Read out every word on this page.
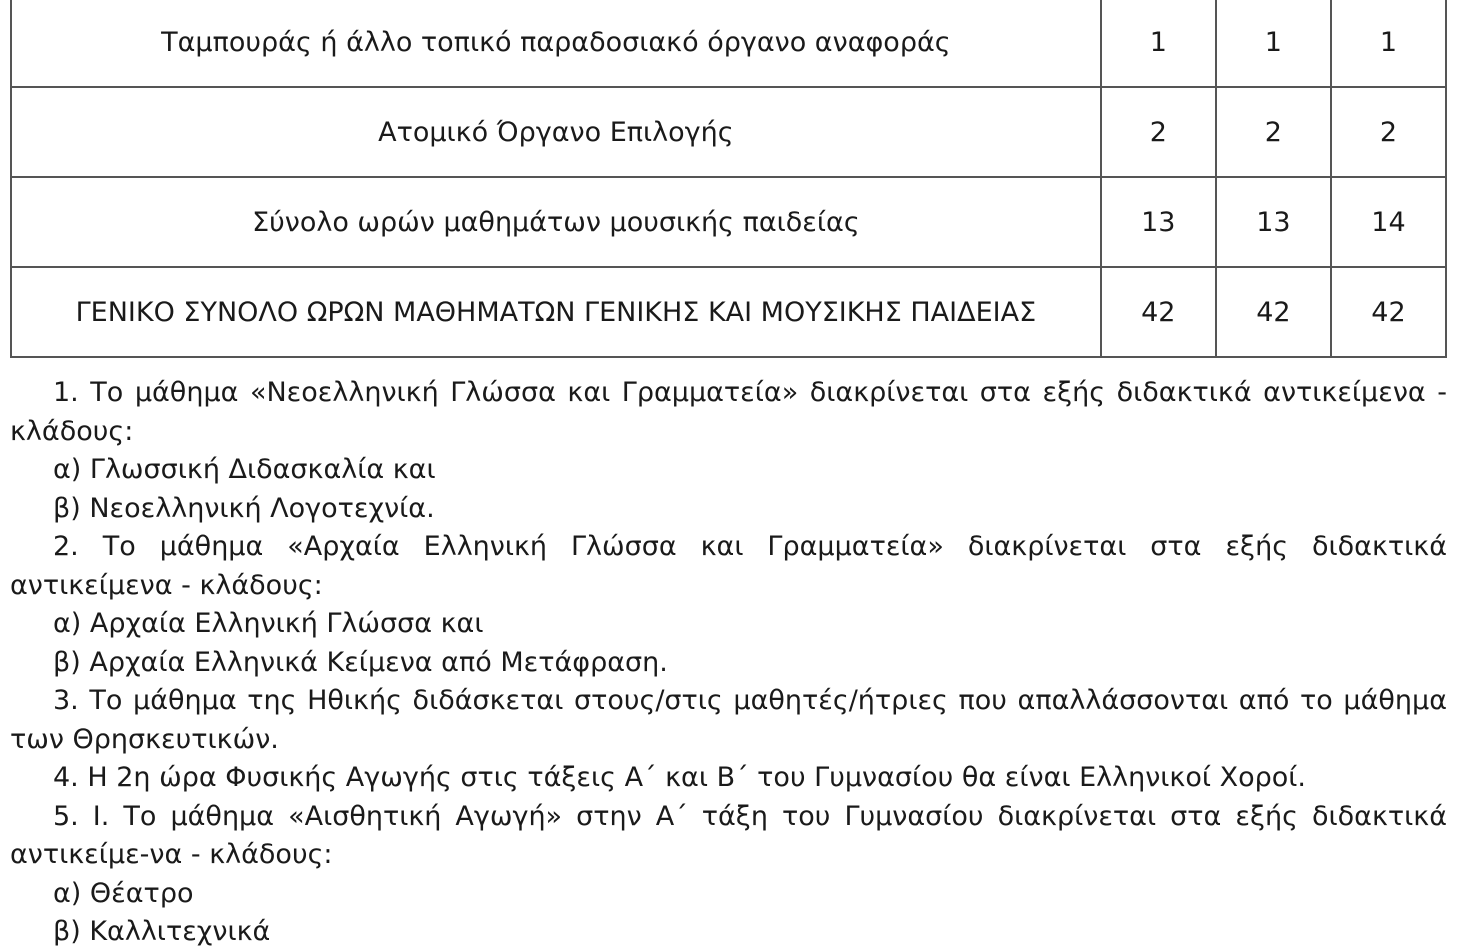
Ταμπουράς ή άλλο τοπικό παραδοσιακό όργανο αναφοράς	1	1	1
Ατομικό Όργανο Επιλογής	2	2	2
Σύνολο ωρών μαθημάτων μουσικής παιδείας	13	13	14
ΓΕΝΙΚΟ ΣΥΝΟΛΟ ΩΡΩΝ ΜΑΘΗΜΑΤΩΝ ΓΕΝΙΚΗΣ ΚΑΙ ΜΟΥΣΙΚΗΣ ΠΑΙΔΕΙΑΣ	42	42	42

1. Το μάθημα «Νεοελληνική Γλώσσα και Γραμματεία» διακρίνεται στα εξής διδακτικά αντικείμενα - κλάδους:

α) Γλωσσική Διδασκαλία και

β) Νεοελληνική Λογοτεχνία.

2. Το μάθημα «Αρχαία Ελληνική Γλώσσα και Γραμματεία» διακρίνεται στα εξής διδακτικά αντικείμενα - κλάδους:

α) Αρχαία Ελληνική Γλώσσα και

β) Αρχαία Ελληνικά Κείμενα από Μετάφραση.

3. Το μάθημα της Ηθικής διδάσκεται στους/στις μαθητές/ήτριες που απαλλάσσονται από το μάθημα των Θρησκευτικών.

4. Η 2η ώρα Φυσικής Αγωγής στις τάξεις Α΄ και Β΄ του Γυμνασίου θα είναι Ελληνικοί Χοροί.

5. Ι. Το μάθημα «Αισθητική Αγωγή» στην Α΄ τάξη του Γυμνασίου διακρίνεται στα εξής διδακτικά αντικείμε-να - κλάδους:

α) Θέατρο

β) Καλλιτεχνικά
